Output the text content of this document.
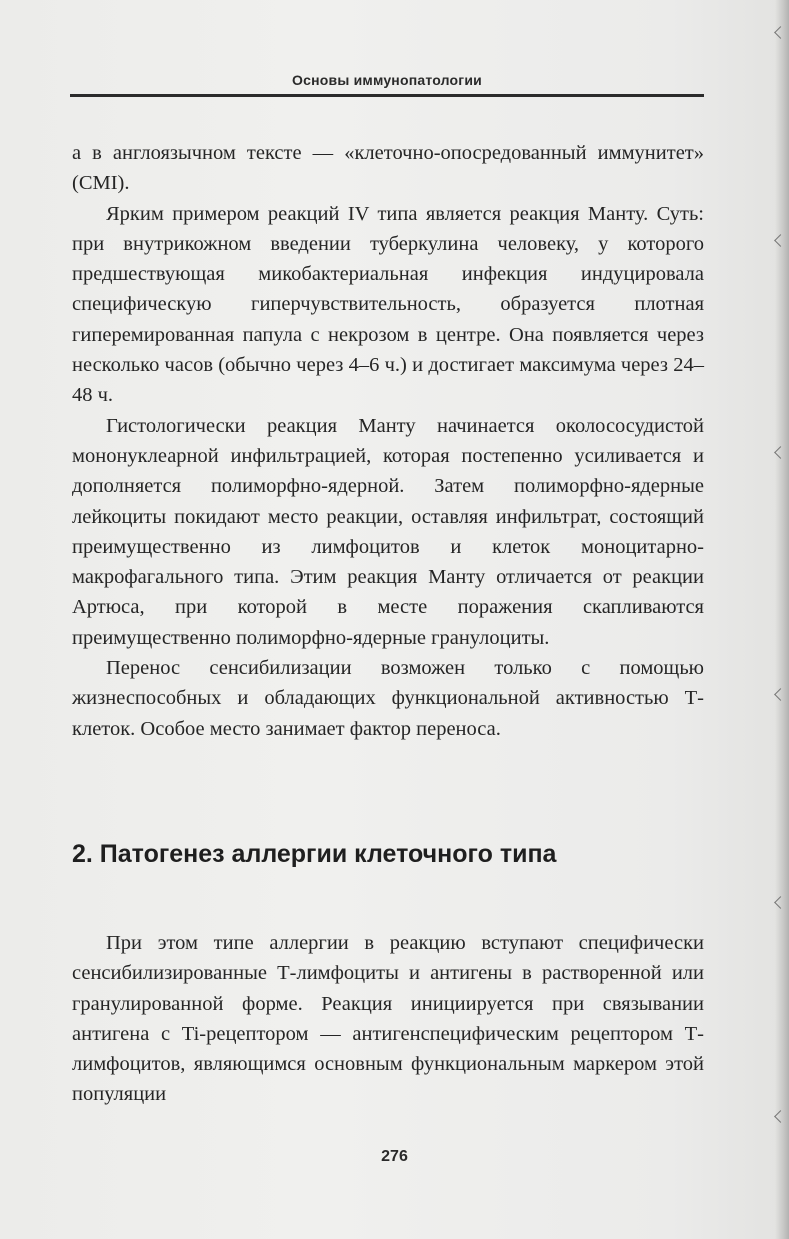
Основы иммунопатологии

а в англоязычном тексте — «клеточно-опосредованный иммунитет» (CMI).

Ярким примером реакций IV типа является реакция Манту. Суть: при внутрикожном введении туберкулина человеку, у которого предшествующая микобактериальная инфекция индуцировала специфическую гиперчувствительность, образуется плотная гиперемированная папула с некрозом в центре. Она появляется через несколько часов (обычно через 4–6 ч.) и достигает максимума через 24–48 ч.

Гистологически реакция Манту начинается околососудистой мононуклеарной инфильтрацией, которая постепенно усиливается и дополняется полиморфно-ядерной. Затем полиморфно-ядерные лейкоциты покидают место реакции, оставляя инфильтрат, состоящий преимущественно из лимфоцитов и клеток моноцитарно-макрофагального типа. Этим реакция Манту отличается от реакции Артюса, при которой в месте поражения скапливаются преимущественно полиморфно-ядерные гранулоциты.

Перенос сенсибилизации возможен только с помощью жизнеспособных и обладающих функциональной активностью Т-клеток. Особое место занимает фактор переноса.

2. Патогенез аллергии клеточного типа

При этом типе аллергии в реакцию вступают специфически сенсибилизированные Т-лимфоциты и антигены в растворенной или гранулированной форме. Реакция инициируется при связывании антигена с Ti-рецептором — антигенспецифическим рецептором Т-лимфоцитов, являющимся основным функциональным маркером этой популяции

276
